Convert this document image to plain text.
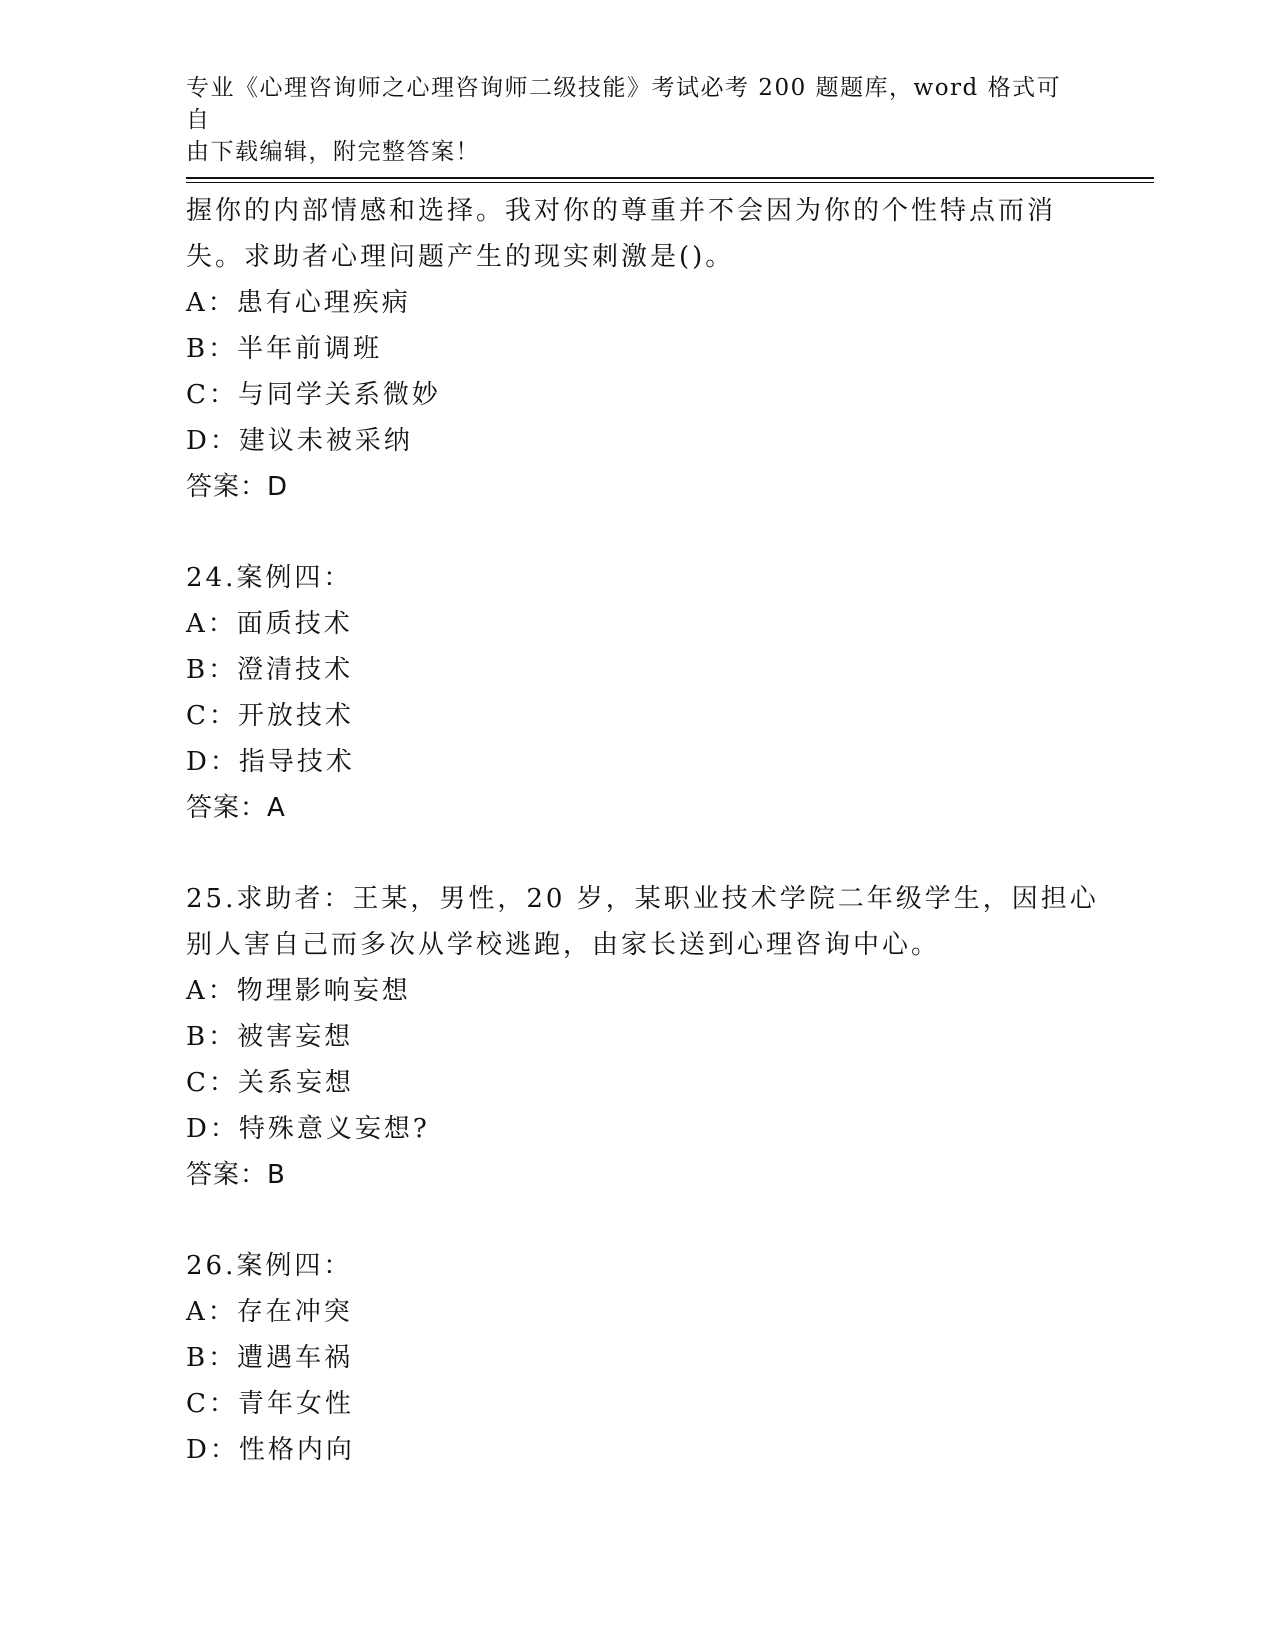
专业《心理咨询师之心理咨询师二级技能》考试必考 200 题题库，word 格式可自
由下载编辑，附完整答案！
握你的内部情感和选择。我对你的尊重并不会因为你的个性特点而消
失。求助者心理问题产生的现实刺激是()。
A：患有心理疾病
B：半年前调班
C：与同学关系微妙
D：建议未被采纳
答案：D
24.案例四：
A：面质技术
B：澄清技术
C：开放技术
D：指导技术
答案：A
25.求助者：王某，男性，20 岁，某职业技术学院二年级学生，因担心
别人害自己而多次从学校逃跑，由家长送到心理咨询中心。
A：物理影响妄想
B：被害妄想
C：关系妄想
D：特殊意义妄想?
答案：B
26.案例四：
A：存在冲突
B：遭遇车祸
C：青年女性
D：性格内向
